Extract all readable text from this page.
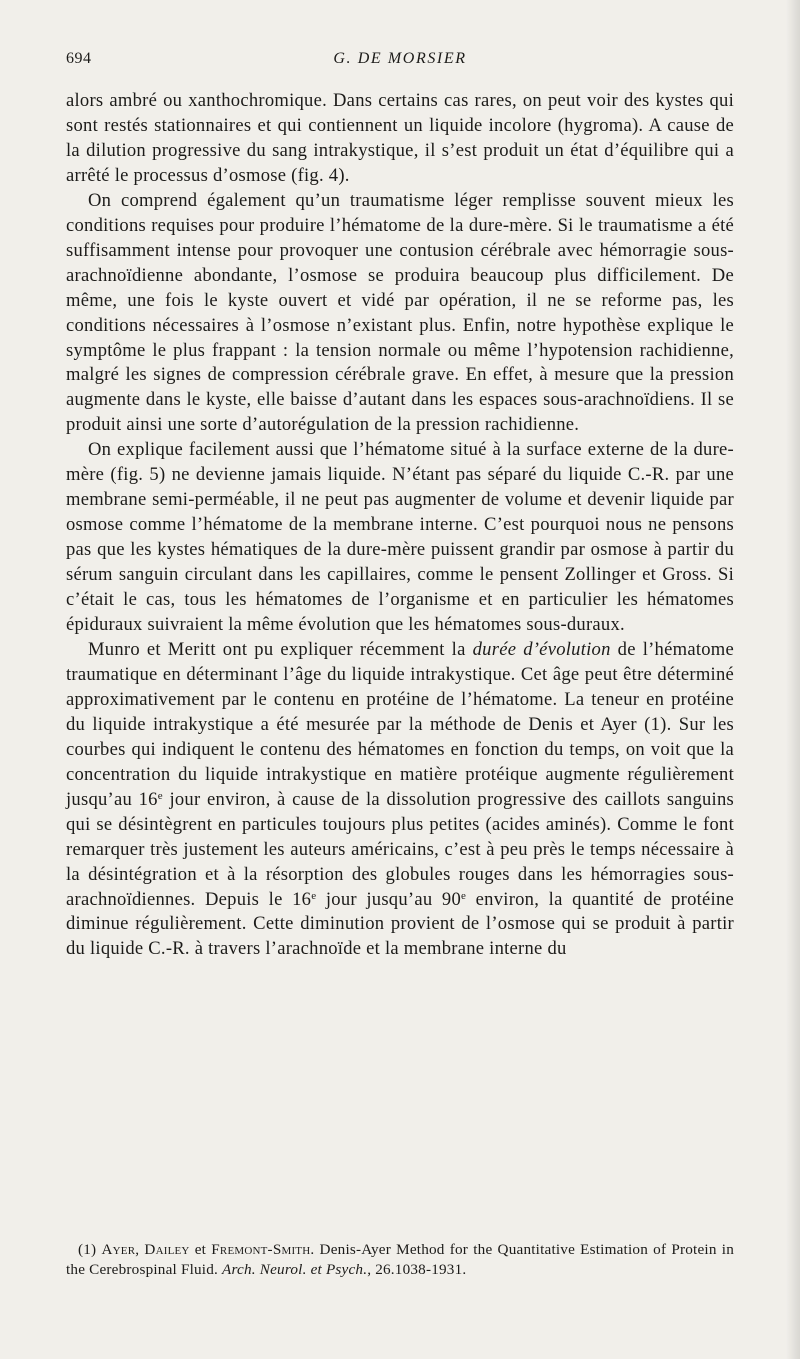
694	G. DE MORSIER

alors ambré ou xanthochromique. Dans certains cas rares, on peut voir des kystes qui sont restés stationnaires et qui contiennent un liquide incolore (hygroma). A cause de la dilution progressive du sang intrakystique, il s’est produit un état d’équilibre qui a arrêté le processus d’osmose (fig. 4).

On comprend également qu’un traumatisme léger remplisse souvent mieux les conditions requises pour produire l’hématome de la dure-mère. Si le traumatisme a été suffisamment intense pour provoquer une contusion cérébrale avec hémorragie sous-arachnoïdienne abondante, l’osmose se produira beaucoup plus difficilement. De même, une fois le kyste ouvert et vidé par opération, il ne se reforme pas, les conditions nécessaires à l’osmose n’existant plus. Enfin, notre hypothèse explique le symptôme le plus frappant : la tension normale ou même l’hypotension rachidienne, malgré les signes de compression cérébrale grave. En effet, à mesure que la pression augmente dans le kyste, elle baisse d’autant dans les espaces sous-arachnoïdiens. Il se produit ainsi une sorte d’autorégulation de la pression rachidienne.

On explique facilement aussi que l’hématome situé à la surface externe de la dure-mère (fig. 5) ne devienne jamais liquide. N’étant pas séparé du liquide C.-R. par une membrane semi-perméable, il ne peut pas augmenter de volume et devenir liquide par osmose comme l’hématome de la membrane interne. C’est pourquoi nous ne pensons pas que les kystes hématiques de la dure-mère puissent grandir par osmose à partir du sérum sanguin circulant dans les capillaires, comme le pensent Zollinger et Gross. Si c’était le cas, tous les hématomes de l’organisme et en particulier les hématomes épiduraux suivraient la même évolution que les hématomes sous-duraux.

Munro et Meritt ont pu expliquer récemment la durée d’évolution de l’hématome traumatique en déterminant l’âge du liquide intrakystique. Cet âge peut être déterminé approximativement par le contenu en protéine de l’hématome. La teneur en protéine du liquide intrakystique a été mesurée par la méthode de Denis et Ayer (1). Sur les courbes qui indiquent le contenu des hématomes en fonction du temps, on voit que la concentration du liquide intrakystique en matière protéique augmente régulièrement jusqu’au 16e jour environ, à cause de la dissolution progressive des caillots sanguins qui se désintègrent en particules toujours plus petites (acides aminés). Comme le font remarquer très justement les auteurs américains, c’est à peu près le temps nécessaire à la désintégration et à la résorption des globules rouges dans les hémorragies sous-arachnoïdiennes. Depuis le 16e jour jusqu’au 90e environ, la quantité de protéine diminue régulièrement. Cette diminution provient de l’osmose qui se produit à partir du liquide C.-R. à travers l’arachnoïde et la membrane interne du

(1) Ayer, Dailey et Fremont-Smith. Denis-Ayer Method for the Quantitative Estimation of Protein in the Cerebrospinal Fluid. Arch. Neurol. et Psych., 26.1038-1931.
